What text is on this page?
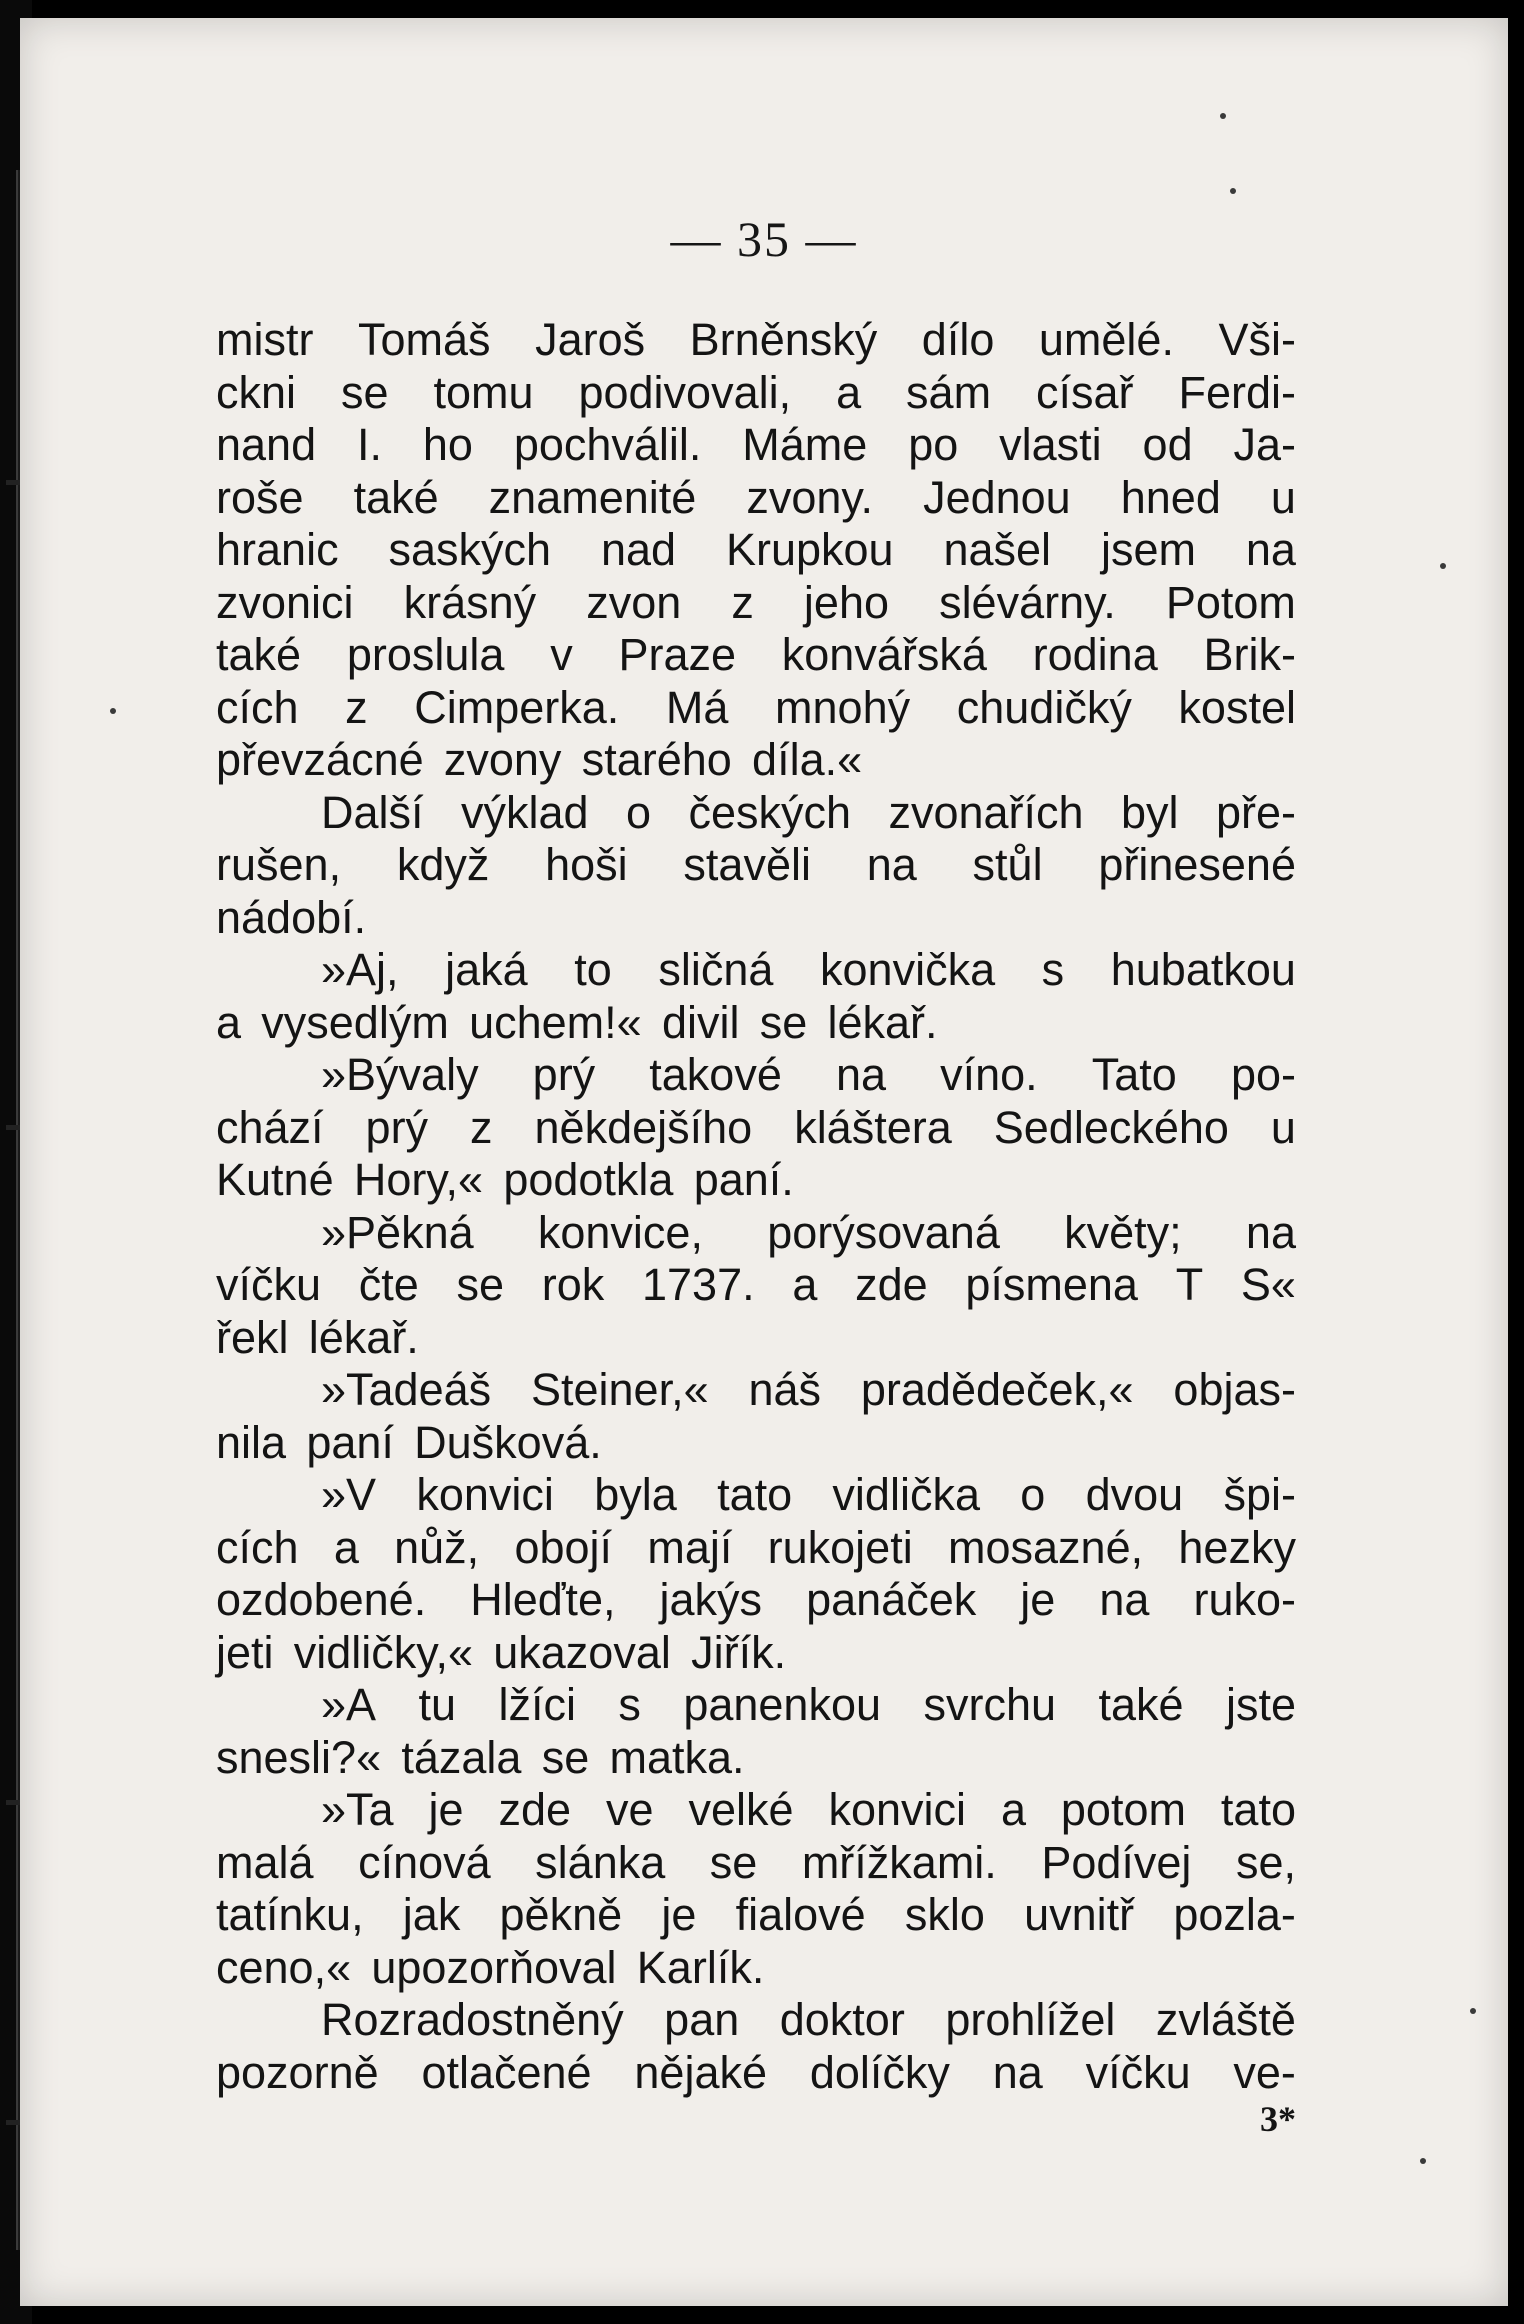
— 35 —
mistr Tomáš Jaroš Brněnský dílo umělé. Vši-
ckni se tomu podivovali, a sám císař Ferdi-
nand I. ho pochválil. Máme po vlasti od Ja-
roše také znamenité zvony. Jednou hned u
hranic saských nad Krupkou našel jsem na
zvonici krásný zvon z jeho slévárny. Potom
také proslula v Praze konvářská rodina Brik-
cích z Cimperka. Má mnohý chudičký kostel
převzácné zvony starého díla.«
Další výklad o českých zvonařích byl pře-
rušen, když hoši stavěli na stůl přinesené
nádobí.
»Aj, jaká to sličná konvička s hubatkou
a vysedlým uchem!« divil se lékař.
»Bývaly prý takové na víno. Tato po-
chází prý z někdejšího kláštera Sedleckého u
Kutné Hory,« podotkla paní.
»Pěkná konvice, porýsovaná květy; na
víčku čte se rok 1737. a zde písmena T S«
řekl lékař.
»Tadeáš Steiner,« náš pradědeček,« objas-
nila paní Dušková.
»V konvici byla tato vidlička o dvou špi-
cích a nůž, obojí mají rukojeti mosazné, hezky
ozdobené. Hleďte, jakýs panáček je na ruko-
jeti vidličky,« ukazoval Jiřík.
»A tu lžíci s panenkou svrchu také jste
snesli?« tázala se matka.
»Ta je zde ve velké konvici a potom tato
malá cínová slánka se mřížkami. Podívej se,
tatínku, jak pěkně je fialové sklo uvnitř pozla-
ceno,« upozorňoval Karlík.
Rozradostněný pan doktor prohlížel zvláště
pozorně otlačené nějaké dolíčky na víčku ve-
3*
